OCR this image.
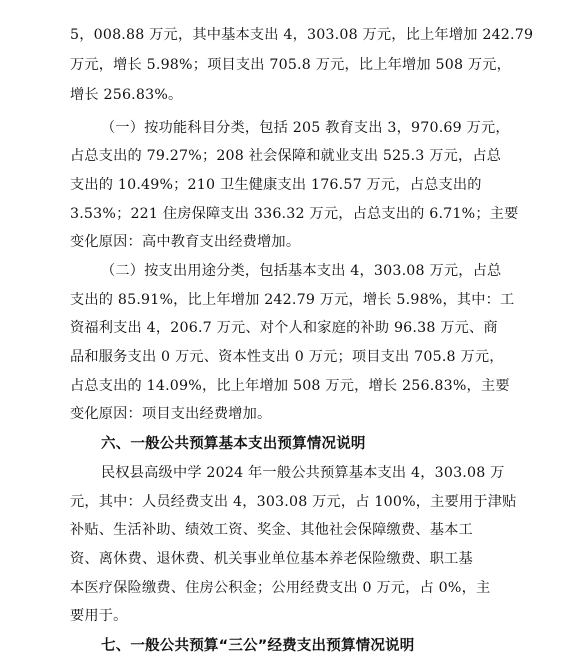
5，008.88 万元，其中基本支出 4，303.08 万元，比上年增加 242.79
万元，增长 5.98%；项目支出 705.8 万元，比上年增加 508 万元，
增长 256.83%。
（一）按功能科目分类，包括 205 教育支出 3，970.69 万元，
占总支出的 79.27%；208 社会保障和就业支出 525.3 万元，占总
支出的 10.49%；210 卫生健康支出 176.57 万元，占总支出的
3.53%；221 住房保障支出 336.32 万元，占总支出的 6.71%；主要
变化原因：高中教育支出经费增加。
（二）按支出用途分类，包括基本支出 4，303.08 万元，占总
支出的 85.91%，比上年增加 242.79 万元，增长 5.98%，其中：工
资福利支出 4，206.7 万元、对个人和家庭的补助 96.38 万元、商
品和服务支出 0 万元、资本性支出 0 万元；项目支出 705.8 万元，
占总支出的 14.09%，比上年增加 508 万元，增长 256.83%，主要
变化原因：项目支出经费增加。
六、一般公共预算基本支出预算情况说明
民权县高级中学 2024 年一般公共预算基本支出 4，303.08 万
元，其中：人员经费支出 4，303.08 万元，占 100%，主要用于津贴
补贴、生活补助、绩效工资、奖金、其他社会保障缴费、基本工
资、离休费、退休费、机关事业单位基本养老保险缴费、职工基
本医疗保险缴费、住房公积金；公用经费支出 0 万元，占 0%，主
要用于。
七、一般公共预算“三公”经费支出预算情况说明
